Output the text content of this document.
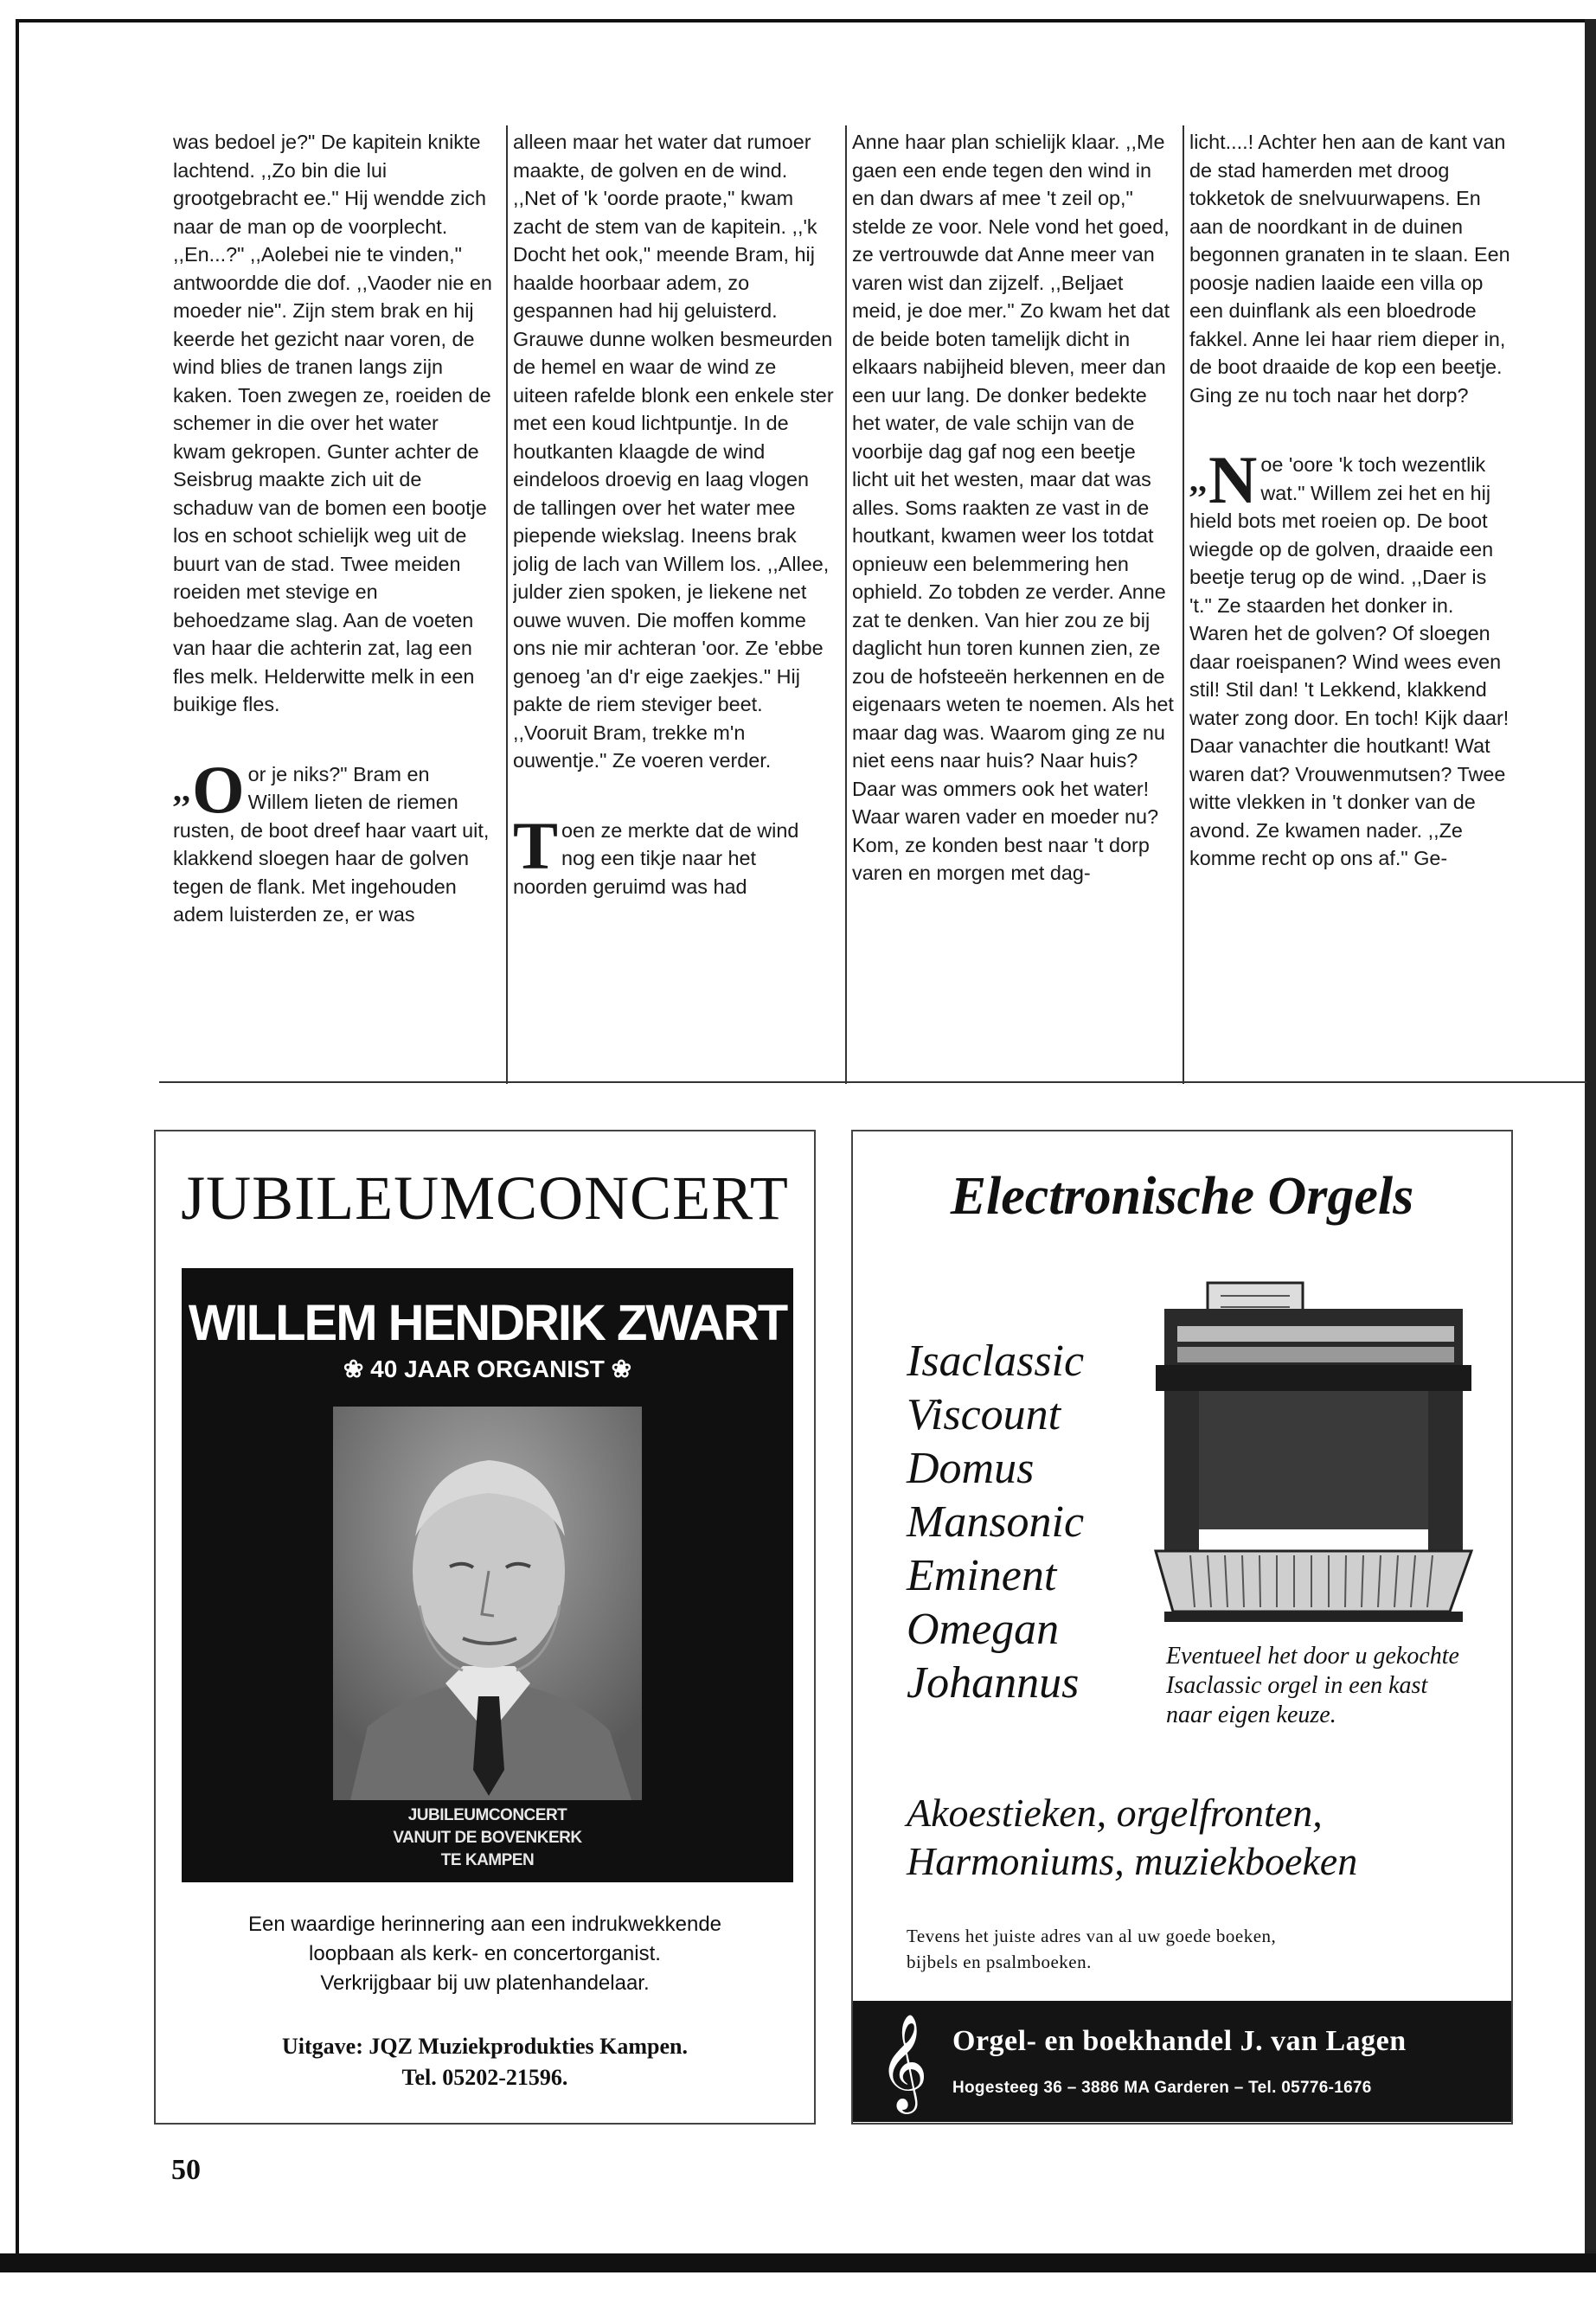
was bedoel je?" De kapitein knikte lachtend. ,,Zo bin die lui grootgebracht ee." Hij wendde zich naar de man op de voorplecht. ,,En...?" ,,Aolebei nie te vinden," antwoordde die dof. ,,Vaoder nie en moeder nie". Zijn stem brak en hij keerde het gezicht naar voren, de wind blies de tranen langs zijn kaken. Toen zwegen ze, roeiden de schemer in die over het water kwam gekropen. Gunter achter de Seisbrug maakte zich uit de schaduw van de bomen een bootje los en schoot schielijk weg uit de buurt van de stad. Twee meiden roeiden met stevige en behoedzame slag. Aan de voeten van haar die achterin zat, lag een fles melk. Helderwitte melk in een buikige fles.

,,O or je niks?" Bram en Willem lieten de riemen rusten, de boot dreef haar vaart uit, klakkend sloegen haar de golven tegen de flank. Met ingehouden adem luisterden ze, er was

alleen maar het water dat rumoer maakte, de golven en de wind. ,,Net of 'k 'oorde praote," kwam zacht de stem van de kapitein. ,,'k Docht het ook," meende Bram, hij haalde hoorbaar adem, zo gespannen had hij geluisterd. Grauwe dunne wolken besmeurden de hemel en waar de wind ze uiteen rafelde blonk een enkele ster met een koud lichtpuntje. In de houtkanten klaagde de wind eindeloos droevig en laag vlogen de tallingen over het water mee piepende wiekslag. Ineens brak jolig de lach van Willem los. ,,Allee, julder zien spoken, je liekene net ouwe wuven. Die moffen komme ons nie mir achteran 'oor. Ze 'ebbe genoeg 'an d'r eige zaekjes." Hij pakte de riem steviger beet. ,,Vooruit Bram, trekke m'n ouwentje." Ze voeren verder.

Toen ze merkte dat de wind nog een tikje naar het noorden geruimd was had

Anne haar plan schielijk klaar. ,,Me gaen een ende tegen den wind in en dan dwars af mee 't zeil op," stelde ze voor. Nele vond het goed, ze vertrouwde dat Anne meer van varen wist dan zijzelf. ,,Beljaet meid, je doe mer." Zo kwam het dat de beide boten tamelijk dicht in elkaars nabijheid bleven, meer dan een uur lang. De donker bedekte het water, de vale schijn van de voorbije dag gaf nog een beetje licht uit het westen, maar dat was alles. Soms raakten ze vast in de houtkant, kwamen weer los totdat opnieuw een belemmering hen ophield. Zo tobden ze verder. Anne zat te denken. Van hier zou ze bij daglicht hun toren kunnen zien, ze zou de hofsteeën herkennen en de eigenaars weten te noemen. Als het maar dag was. Waarom ging ze nu niet eens naar huis? Naar huis? Daar was ommers ook het water! Waar waren vader en moeder nu? Kom, ze konden best naar 't dorp varen en morgen met dag-

licht....! Achter hen aan de kant van de stad hamerden met droog tokketok de snelvuurwapens. En aan de noordkant in de duinen begonnen granaten in te slaan. Een poosje nadien laaide een villa op een duinflank als een bloedrode fakkel. Anne lei haar riem dieper in, de boot draaide de kop een beetje. Ging ze nu toch naar het dorp?

,,N oe 'oore 'k toch wezentlik wat." Willem zei het en hij hield bots met roeien op. De boot wiegde op de golven, draaide een beetje terug op de wind. ,,Daer is 't." Ze staarden het donker in. Waren het de golven? Of sloegen daar roeispanen? Wind wees even stil! Stil dan! 't Lekkend, klakkend water zong door. En toch! Kijk daar! Daar vanachter die houtkant! Wat waren dat? Vrouwenmutsen? Twee witte vlekken in 't donker van de avond. Ze kwamen nader. ,,Ze komme recht op ons af." Ge-

JUBILEUMCONCERT
WILLEM HENDRIK ZWART
❀ 40 JAAR ORGANIST ❀
JUBILEUMCONCERT
VANUIT DE BOVENKERK
TE KAMPEN

Een waardige herinnering aan een indrukwekkende

loopbaan als kerk- en concertorganist.

Verkrijgbaar bij uw platenhandelaar.

Uitgave: JQZ Muziekprodukties Kampen.

Tel. 05202-21596.

Electronische Orgels
Isaclassic
Viscount
Domus
Mansonic
Eminent
Omegan
Johannus
Eventueel het door u gekochte Isaclassic orgel in een kast naar eigen keuze.

Akoestieken, orgelfronten,

Harmoniums, muziekboeken

Tevens het juiste adres van al uw goede boeken,

bijbels en psalmboeken.

𝄞 Orgel- en boekhandel J. van Lagen
Hogesteeg 36 – 3886 MA Garderen – Tel. 05776-1676
50
